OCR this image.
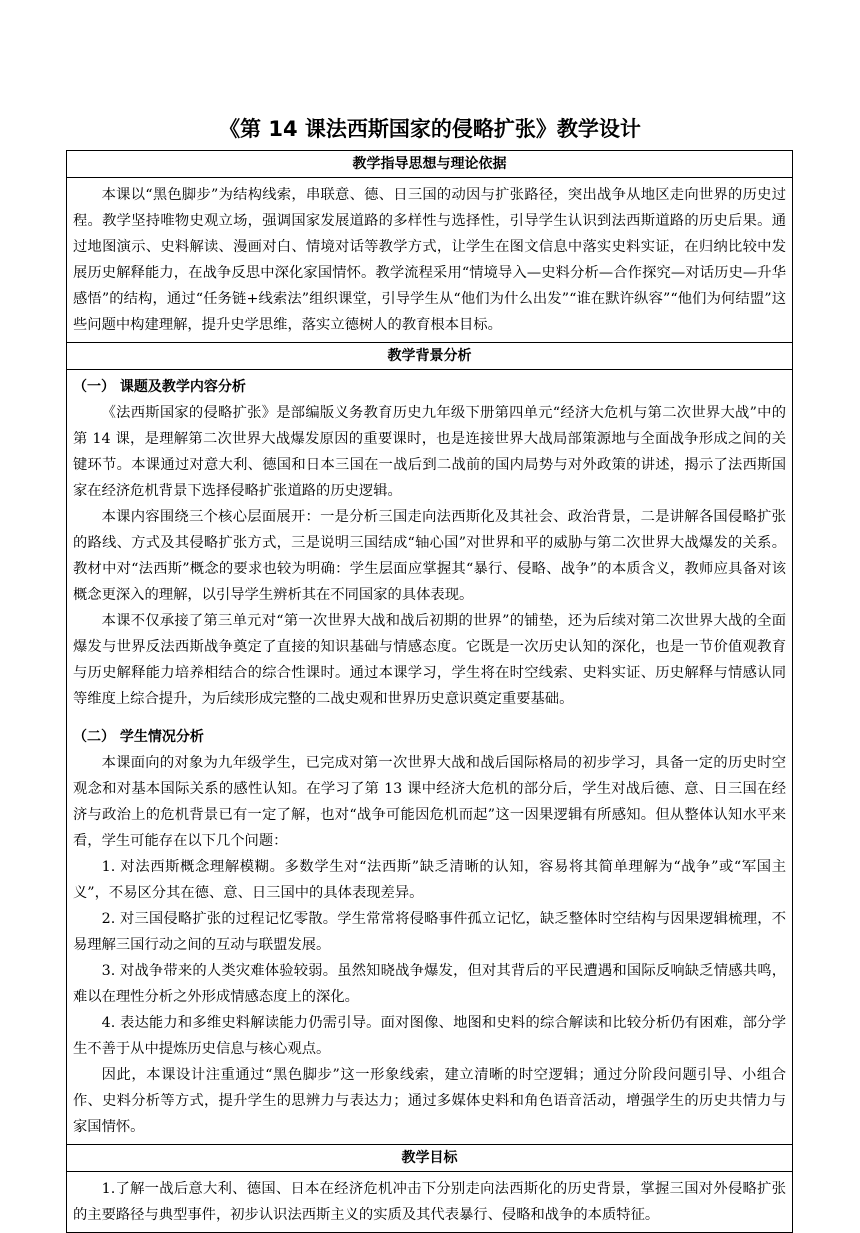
《第 14 课法西斯国家的侵略扩张》教学设计
教学指导思想与理论依据

本课以“黑色脚步”为结构线索，串联意、德、日三国的动因与扩张路径，突出战争从地区走向世界的历史过程。教学坚持唯物史观立场，强调国家发展道路的多样性与选择性，引导学生认识到法西斯道路的历史后果。通过地图演示、史料解读、漫画对白、情境对话等教学方式，让学生在图文信息中落实史料实证，在归纳比较中发展历史解释能力，在战争反思中深化家国情怀。教学流程采用“情境导入—史料分析—合作探究—对话历史—升华感悟”的结构，通过“任务链+线索法”组织课堂，引导学生从“他们为什么出发”“谁在默许纵容”“他们为何结盟”这些问题中构建理解，提升史学思维，落实立德树人的教育根本目标。

教学背景分析

（一） 课题及教学内容分析

《法西斯国家的侵略扩张》是部编版义务教育历史九年级下册第四单元“经济大危机与第二次世界大战”中的第 14 课，是理解第二次世界大战爆发原因的重要课时，也是连接世界大战局部策源地与全面战争形成之间的关键环节。本课通过对意大利、德国和日本三国在一战后到二战前的国内局势与对外政策的讲述，揭示了法西斯国家在经济危机背景下选择侵略扩张道路的历史逻辑。

本课内容围绕三个核心层面展开：一是分析三国走向法西斯化及其社会、政治背景，二是讲解各国侵略扩张的路线、方式及其侵略扩张方式，三是说明三国结成“轴心国”对世界和平的威胁与第二次世界大战爆发的关系。教材中对“法西斯”概念的要求也较为明确：学生层面应掌握其“暴行、侵略、战争”的本质含义，教师应具备对该概念更深入的理解，以引导学生辨析其在不同国家的具体表现。

本课不仅承接了第三单元对“第一次世界大战和战后初期的世界”的铺垫，还为后续对第二次世界大战的全面爆发与世界反法西斯战争奠定了直接的知识基础与情感态度。它既是一次历史认知的深化，也是一节价值观教育与历史解释能力培养相结合的综合性课时。通过本课学习，学生将在时空线索、史料实证、历史解释与情感认同等维度上综合提升，为后续形成完整的二战史观和世界历史意识奠定重要基础。

（二） 学生情况分析

本课面向的对象为九年级学生，已完成对第一次世界大战和战后国际格局的初步学习，具备一定的历史时空观念和对基本国际关系的感性认知。在学习了第 13 课中经济大危机的部分后，学生对战后德、意、日三国在经济与政治上的危机背景已有一定了解，也对“战争可能因危机而起”这一因果逻辑有所感知。但从整体认知水平来看，学生可能存在以下几个问题：

1. 对法西斯概念理解模糊。多数学生对“法西斯”缺乏清晰的认知，容易将其简单理解为“战争”或“军国主义”，不易区分其在德、意、日三国中的具体表现差异。

2. 对三国侵略扩张的过程记忆零散。学生常常将侵略事件孤立记忆，缺乏整体时空结构与因果逻辑梳理，不易理解三国行动之间的互动与联盟发展。

3. 对战争带来的人类灾难体验较弱。虽然知晓战争爆发，但对其背后的平民遭遇和国际反响缺乏情感共鸣，难以在理性分析之外形成情感态度上的深化。

4. 表达能力和多维史料解读能力仍需引导。面对图像、地图和史料的综合解读和比较分析仍有困难，部分学生不善于从中提炼历史信息与核心观点。

因此，本课设计注重通过“黑色脚步”这一形象线索，建立清晰的时空逻辑；通过分阶段问题引导、小组合作、史料分析等方式，提升学生的思辨力与表达力；通过多媒体史料和角色语音活动，增强学生的历史共情力与家国情怀。

教学目标

1.了解一战后意大利、德国、日本在经济危机冲击下分别走向法西斯化的历史背景，掌握三国对外侵略扩张的主要路径与典型事件，初步认识法西斯主义的实质及其代表暴行、侵略和战争的本质特征。
